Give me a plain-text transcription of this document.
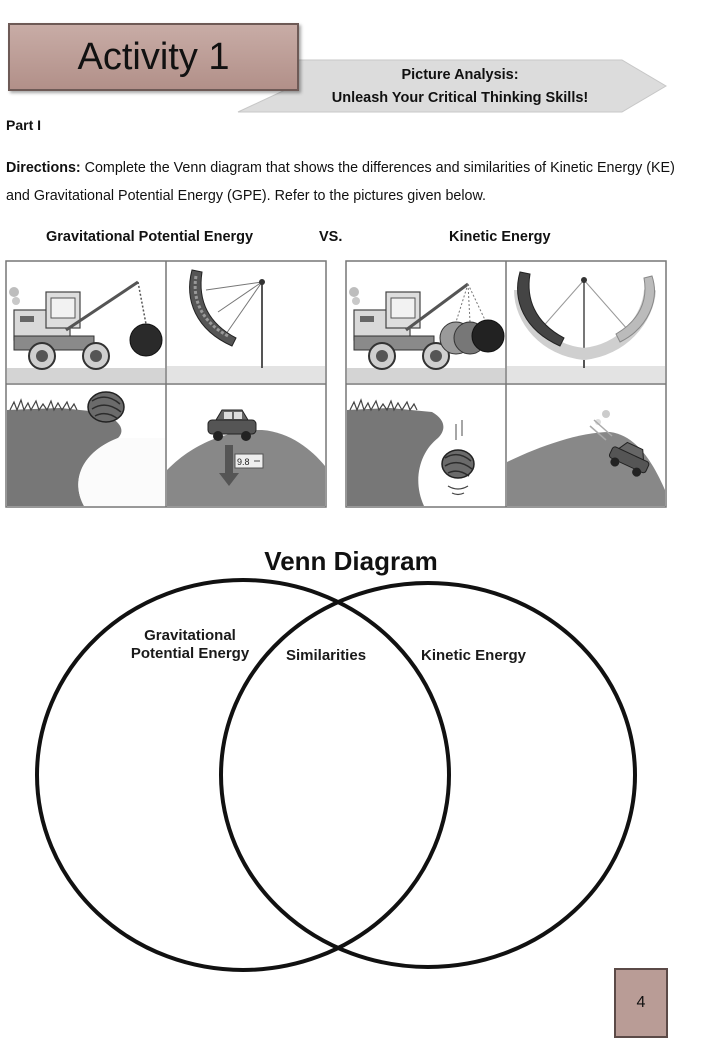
Activity 1	Picture Analysis:
Unleash Your Critical Thinking Skills!
Part I
Directions: Complete the Venn diagram that shows the differences and similarities of Kinetic Energy (KE) and Gravitational Potential Energy (GPE). Refer to the pictures given below.
Gravitational Potential Energy	VS.	Kinetic Energy
9.8
Venn Diagram
Gravitational
Potential Energy	Similarities	Kinetic Energy
4
